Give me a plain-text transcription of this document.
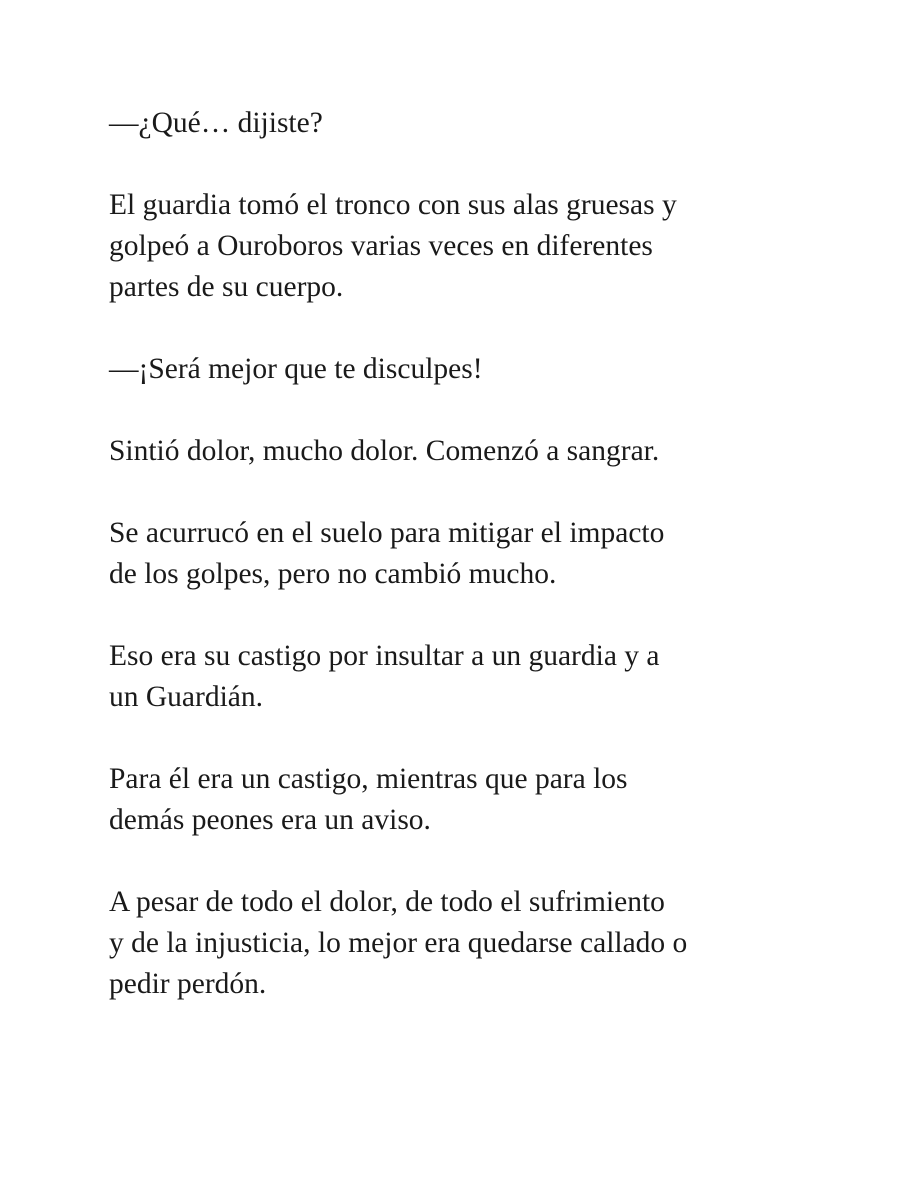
—¿Qué… dijiste?

El guardia tomó el tronco con sus alas gruesas y
golpeó a Ouroboros varias veces en diferentes
partes de su cuerpo.

—¡Será mejor que te disculpes!

Sintió dolor, mucho dolor. Comenzó a sangrar.

Se acurrucó en el suelo para mitigar el impacto
de los golpes, pero no cambió mucho.

Eso era su castigo por insultar a un guardia y a
un Guardián.

Para él era un castigo, mientras que para los
demás peones era un aviso.

A pesar de todo el dolor, de todo el sufrimiento
y de la injusticia, lo mejor era quedarse callado o
pedir perdón.
